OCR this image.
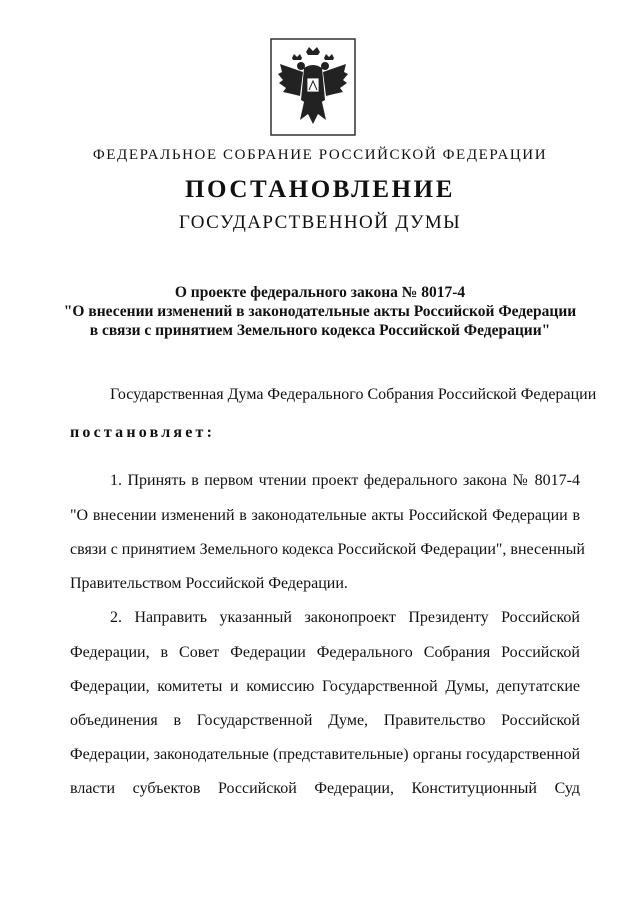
ФЕДЕРАЛЬНОЕ СОБРАНИЕ РОССИЙСКОЙ ФЕДЕРАЦИИ
ПОСТАНОВЛЕНИЕ
ГОСУДАРСТВЕННОЙ ДУМЫ
О проекте федерального закона № 8017-4
"О внесении изменений в законодательные акты Российской Федерации
в связи с принятием Земельного кодекса Российской Федерации"
Государственная Дума Федерального Собрания Российской Федерации
постановляет:
1. Принять в первом чтении проект федерального закона № 8017-4
"О внесении изменений в законодательные акты Российской Федерации в
связи с принятием Земельного кодекса Российской Федерации", внесенный
Правительством Российской Федерации.
2. Направить указанный законопроект Президенту Российской
Федерации, в Совет Федерации Федерального Собрания Российской
Федерации, комитеты и комиссию Государственной Думы, депутатские
объединения в Государственной Думе, Правительство Российской
Федерации, законодательные (представительные) органы государственной
власти субъектов Российской Федерации, Конституционный Суд
